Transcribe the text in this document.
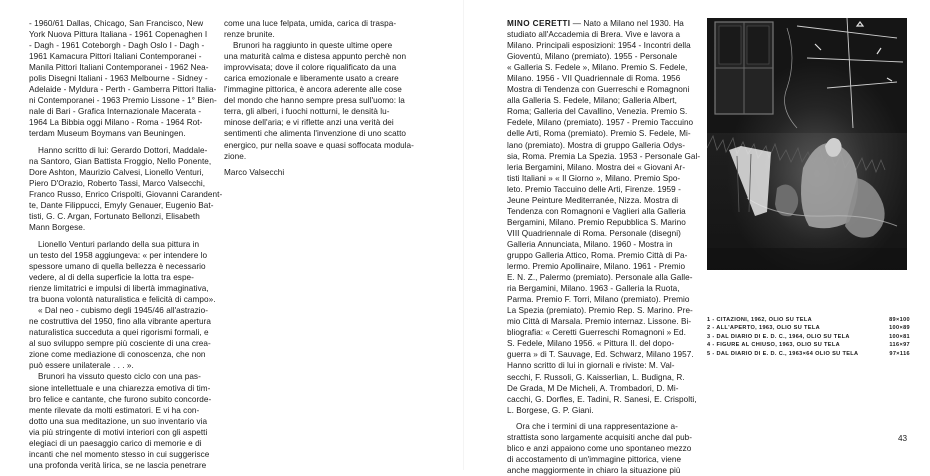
- 1960/61 Dallas, Chicago, San Francisco, New
York Nuova Pittura Italiana - 1961 Copenaghen I
- Dagh - 1961 Coteborgh - Dagh Oslo I - Dagh -
1961 Kamacura Pittori Italiani Contemporanei -
Manila Pittori Italiani Contemporanei - 1962 Nea-
polis Disegni Italiani - 1963 Melbourne - Sidney -
Adelaide - Myldura - Perth - Gamberra Pittori Italia-
ni Contemporanei - 1963 Premio Lissone - 1° Bien-
nale di Bari - Grafica Internazionale Macerata -
1964 La Bibbia oggi Milano - Roma - 1964 Rot-
terdam Museum Boymans van Beuningen.

Hanno scritto di lui: Gerardo Dottori, Maddale-
na Santoro, Gian Battista Froggio, Nello Ponente,
Dore Ashton, Maurizio Calvesi, Lionello Venturi,
Piero D'Orazio, Roberto Tassi, Marco Valsecchi,
Franco Russo, Enrico Crispolti, Giovanni Carandent-
te, Dante Filippucci, Emyly Genauer, Eugenio Bat-
tisti, G. C. Argan, Fortunato Bellonzi, Elisabeth
Mann Borgese.

Lionello Venturi parlando della sua pittura in
un testo del 1958 aggiungeva: « per intendere lo
spessore umano di quella bellezza è necessario
vedere, al di della superficie la lotta tra espe-
rienze limitatrici e impulsi di libertà immaginativa,
tra buona volontà naturalistica e felicità di campo».

« Dal neo - cubismo degli 1945/46 all'astrazio-
ne costruttiva del 1950, fino alla vibrante apertura
naturalistica succeduta a quei rigorismi formali, e
al suo sviluppo sempre più cosciente di una crea-
zione come mediazione di conoscenza, che non
può essere unilaterale . . . ».

Brunori ha vissuto questo ciclo con una pas-
sione intellettuale e una chiarezza emotiva di tim-
bro felice e cantante, che furono subito concorde-
mente rilevate da molti estimatori. E vi ha con-
dotto una sua meditazione, un suo inventario via
via più stringente di motivi interiori con gli aspetti
elegiaci di un paesaggio carico di memorie e di
incanti che nel momento stesso in cui suggerisce
una profonda verità lirica, se ne lascia penetrare

come una luce felpata, umida, carica di traspa-
renze brunite.

Brunori ha raggiunto in queste ultime opere
una maturità calma e distesa appunto perchè non
improvvisata; dove il colore riqualificato da una
carica emozionale e liberamente usato a creare
l'immagine pittorica, è ancora aderente alle cose
del mondo che hanno sempre presa sull'uomo: la
terra, gli alberi, i fuochi notturni, le densità lu-
minose dell'aria; e vi riflette anzi una verità dei
sentimenti che alimenta l'invenzione di uno scatto
energico, pur nella soave e quasi soffocata modula-
zione.

Marco Valsecchi

MINO CERETTI — Nato a Milano nel 1930. Ha
studiato all'Accademia di Brera. Vive e lavora a
Milano. Principali esposizioni: 1954 - Incontri della
Gioventù, Milano (premiato). 1955 - Personale
« Galleria S. Fedele », Milano. Premio S. Fedele,
Milano. 1956 - VII Quadriennale di Roma. 1956
Mostra di Tendenza con Guerreschi e Romagnoni
alla Galleria S. Fedele, Milano; Galleria Albert,
Roma; Galleria del Cavallino, Venezia. Premio S.
Fedele, Milano (premiato). 1957 - Premio Taccuino
delle Arti, Roma (premiato). Premio S. Fedele, Mi-
lano (premiato). Mostra di gruppo Galleria Odys-
sia, Roma. Premia La Spezia. 1953 - Personale Gal-
leria Bergamini, Milano. Mostra dei « Giovani Ar-
tisti Italiani » « Il Giorno », Milano. Premio Spo-
leto. Premio Taccuino delle Arti, Firenze. 1959 -
Jeune Peinture Mediterranée, Nizza. Mostra di
Tendenza con Romagnoni e Vaglieri alla Galleria
Bergamini, Milano. Premio Repubblica S. Marino
VIII Quadriennale di Roma. Personale (disegni)
Galleria Annunciata, Milano. 1960 - Mostra in
gruppo Galleria Attico, Roma. Premio Città di Pa-
lermo. Premio Apollinaire, Milano. 1961 - Premio
E. N. Z., Palermo (premiato). Personale alla Galle-
ria Bergamini, Milano. 1963 - Galleria la Ruota,
Parma. Premio F. Torri, Milano (premiato). Premio
La Spezia (premiato). Premio Rep. S. Marino. Pre-
mio Città di Marsala. Premio internaz. Lissone. Bi-
bliografia: « Ceretti Guerreschi Romagnoni » Ed.
S. Fedele, Milano 1956. « Pittura II. del dopo-
guerra » di T. Sauvage, Ed. Schwarz, Milano 1957.
Hanno scritto di lui in giornali e riviste: M. Val-
secchi, F. Russoli, G. Kaisserlian, L. Budigna, R.
De Grada, M De Micheli, A. Trombadori, D. Mi-
cacchi, G. Dorfles, E. Tadini, R. Sanesi, E. Crispolti,
L. Borgese, G. P. Giani.

Ora che i termini di una rappresentazione a-
strattista sono largamente acquisiti anche dal pub-
blico e anzi appaiono come uno spontaneo mezzo
di accostamento di un'immagine pittorica, viene
anche maggiormente in chiaro la situazione più

1 - CITAZIONI, 1962, OLIO SU TELA	89×100
2 - ALL'APERTO, 1963, OLIO SU TELA	100×89
3 - DAL DIARIO DI E. D. C., 1964, OLIO SU TELA	100×81
4 - FIGURE AL CHIUSO, 1963, OLIO SU TELA	116×97
5 - DAL DIARIO DI E. D. C., 1963×64 OLIO SU TELA	97×116
43
